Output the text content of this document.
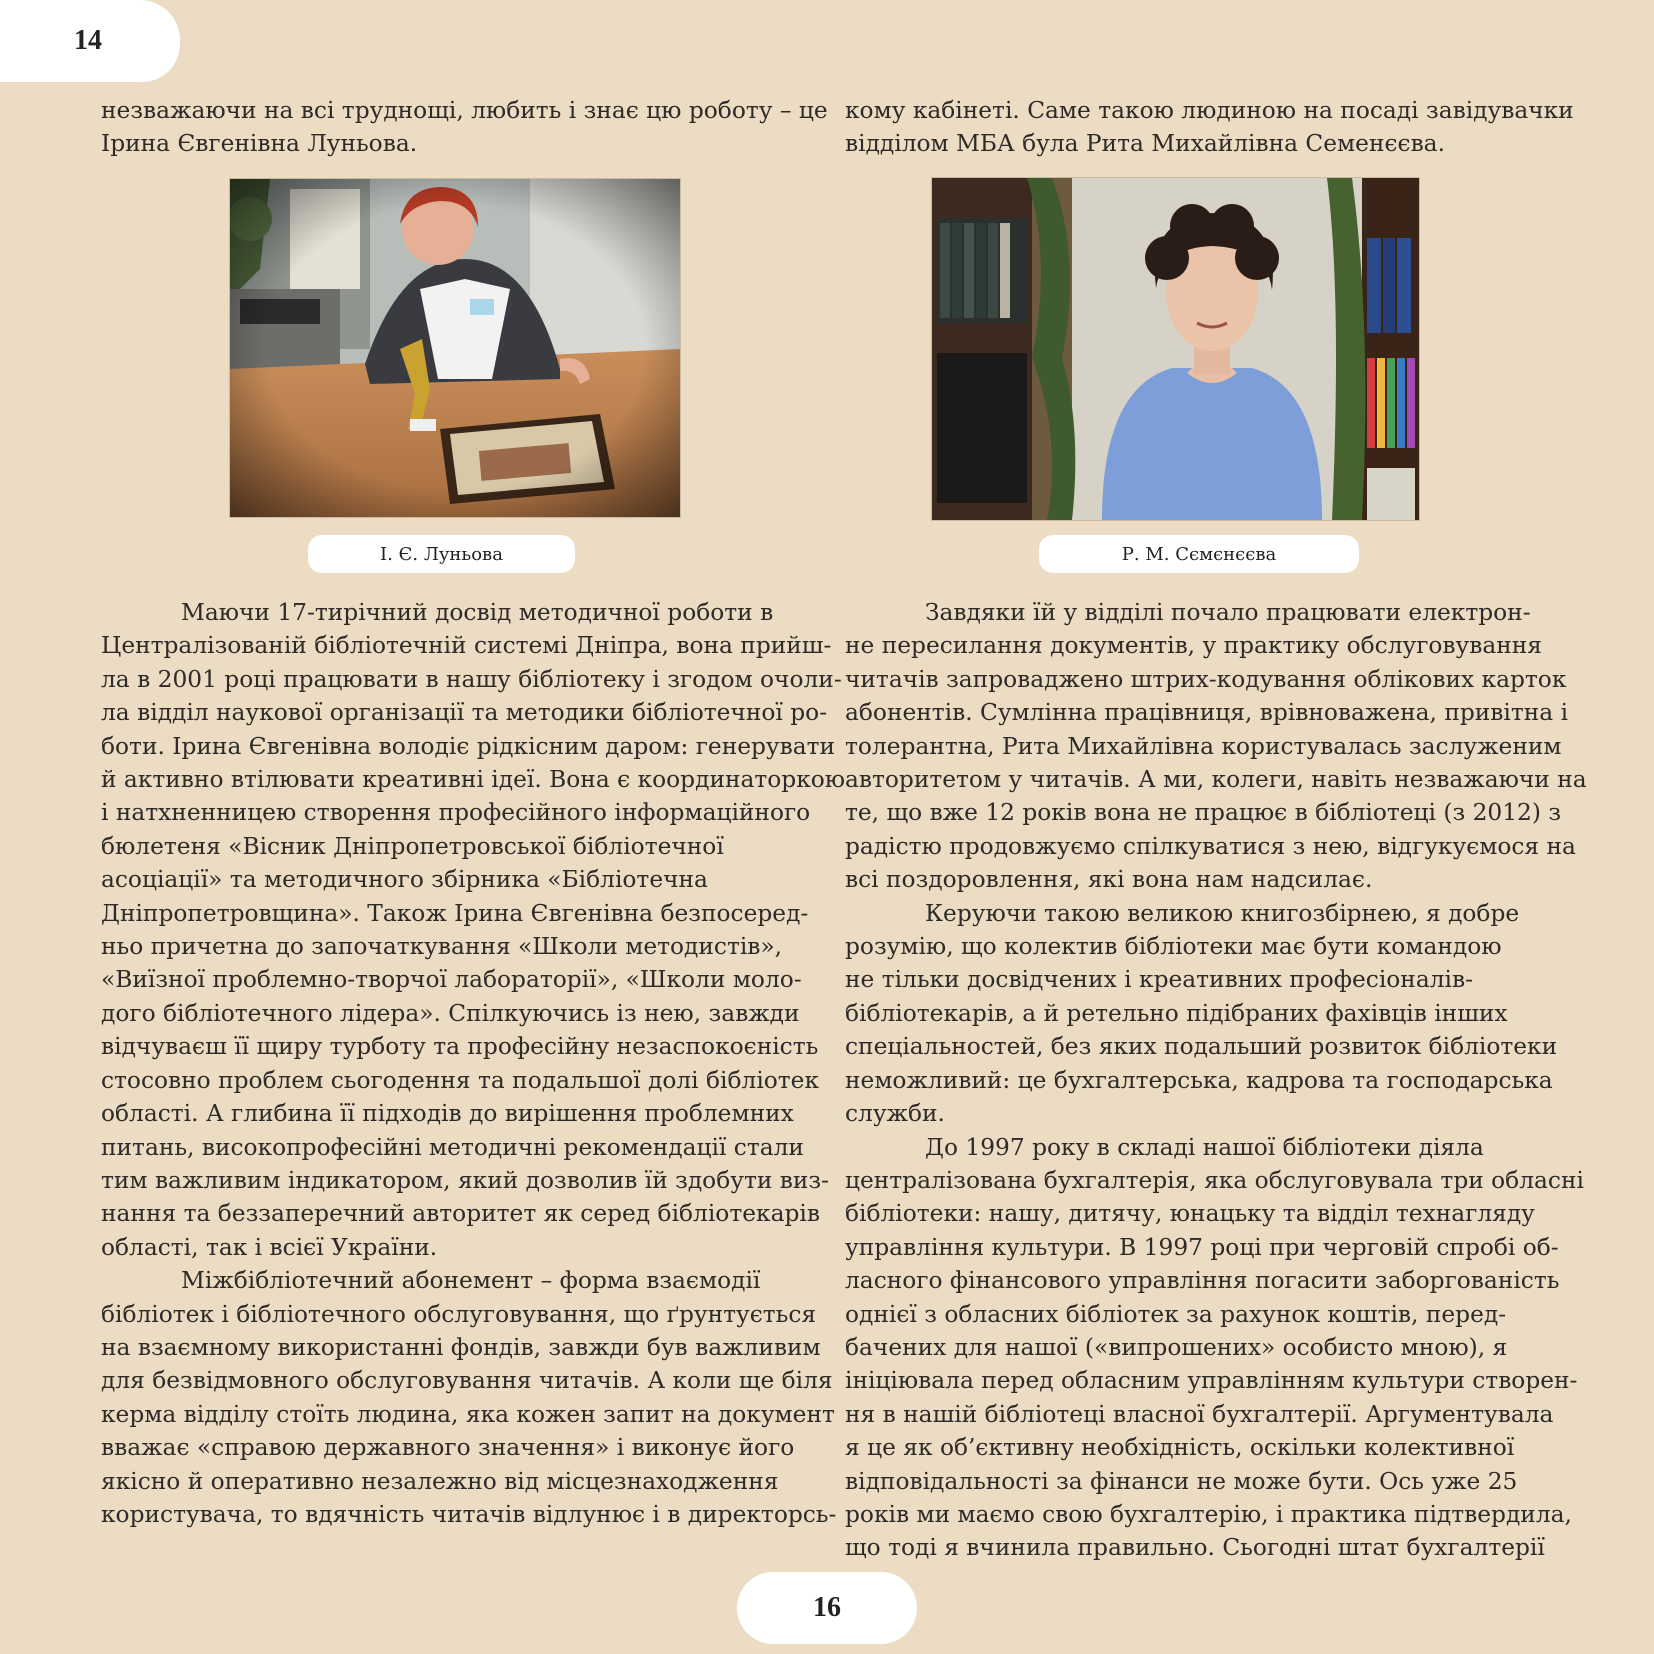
14

незважаючи на всі труднощі, любить і знає цю роботу – це

Ірина Євгенівна Луньова.

кому кабінеті. Саме такою людиною на посаді завідувачки

відділом МБА була Рита Михайлівна Семенєєва.

І. Є. Луньова	Р. М. Сємєнєєва

Маючи 17-тирічний досвід методичної роботи в

Централізованій бібліотечній системі Дніпра, вона прийш-

ла в 2001 році працювати в нашу бібліотеку і згодом очоли-

ла відділ наукової організації та методики бібліотечної ро-

боти. Ірина Євгенівна володіє рідкісним даром: генерувати

й активно втілювати креативні ідеї. Вона є координаторкою

і натхненницею створення професійного інформаційного

бюлетеня «Вісник Дніпропетровської бібліотечної

асоціації» та методичного збірника «Бібліотечна

Дніпропетровщина». Також Ірина Євгенівна безпосеред-

ньо причетна до започаткування «Школи методистів»,

«Виїзної проблемно-творчої лабораторії», «Школи моло-

дого бібліотечного лідера». Спілкуючись із нею, завжди

відчуваєш її щиру турботу та професійну незаспокоєність

стосовно проблем сьогодення та подальшої долі бібліотек

області. А глибина її підходів до вирішення проблемних

питань, високопрофесійні методичні рекомендації стали

тим важливим індикатором, який дозволив їй здобути виз-

нання та беззаперечний авторитет як серед бібліотекарів

області, так і всієї України.

Міжбібліотечний абонемент – форма взаємодії

бібліотек і бібліотечного обслуговування, що ґрунтується

на взаємному використанні фондів, завжди був важливим

для безвідмовного обслуговування читачів. А коли ще біля

керма відділу стоїть людина, яка кожен запит на документ

вважає «справою державного значення» і виконує його

якісно й оперативно незалежно від місцезнаходження

користувача, то вдячність читачів відлунює і в директорсь-

Завдяки їй у відділі почало працювати електрон-

не пересилання документів, у практику обслуговування

читачів запроваджено штрих-кодування облікових карток

абонентів. Сумлінна працівниця, врівноважена, привітна і

толерантна, Рита Михайлівна користувалась заслуженим

авторитетом у читачів. А ми, колеги, навіть незважаючи на

те, що вже 12 років вона не працює в бібліотеці (з 2012) з

радістю продовжуємо спілкуватися з нею, відгукуємося на

всі поздоровлення, які вона нам надсилає.

Керуючи такою великою книгозбірнею, я добре

розумію, що колектив бібліотеки має бути командою

не тільки досвідчених і креативних професіоналів-

бібліотекарів, а й ретельно підібраних фахівців інших

спеціальностей, без яких подальший розвиток бібліотеки

неможливий: це бухгалтерська, кадрова та господарська

служби.

До 1997 року в складі нашої бібліотеки діяла

централізована бухгалтерія, яка обслуговувала три обласні

бібліотеки: нашу, дитячу, юнацьку та відділ технагляду

управління культури. В 1997 році при черговій спробі об-

ласного фінансового управління погасити заборгованість

однієї з обласних бібліотек за рахунок коштів, перед-

бачених для нашої («випрошених» особисто мною), я

ініціювала перед обласним управлінням культури створен-

ня в нашій бібліотеці власної бухгалтерії. Аргументувала

я це як об’єктивну необхідність, оскільки колективної

відповідальності за фінанси не може бути. Ось уже 25

років ми маємо свою бухгалтерію, і практика підтвердила,

що тоді я вчинила правильно. Сьогодні штат бухгалтерії

16
